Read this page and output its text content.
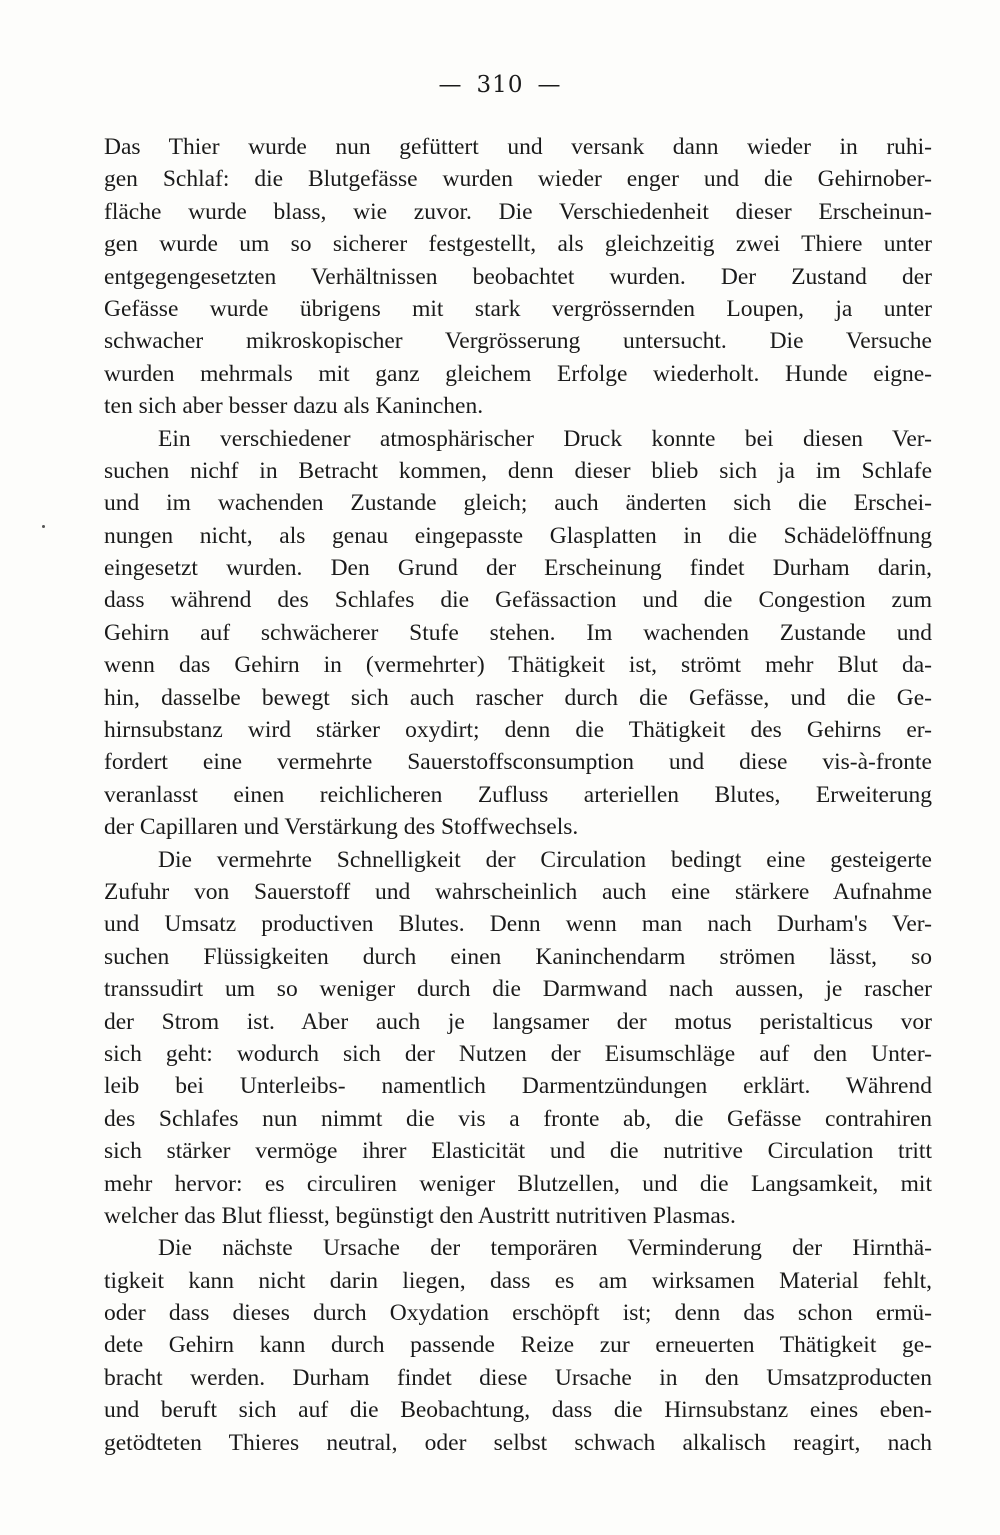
— 310 —
Das Thier wurde nun gefüttert und versank dann wieder in ruhi-
gen Schlaf: die Blutgefässe wurden wieder enger und die Gehirnober-
fläche wurde blass, wie zuvor. Die Verschiedenheit dieser Erscheinun-
gen wurde um so sicherer festgestellt, als gleichzeitig zwei Thiere unter
entgegengesetzten Verhältnissen beobachtet wurden. Der Zustand der
Gefässe wurde übrigens mit stark vergrössernden Loupen, ja unter
schwacher mikroskopischer Vergrösserung untersucht. Die Versuche
wurden mehrmals mit ganz gleichem Erfolge wiederholt. Hunde eigne-
ten sich aber besser dazu als Kaninchen.
Ein verschiedener atmosphärischer Druck konnte bei diesen Ver-
suchen nichf in Betracht kommen, denn dieser blieb sich ja im Schlafe
und im wachenden Zustande gleich; auch änderten sich die Erschei-
nungen nicht, als genau eingepasste Glasplatten in die Schädelöffnung
eingesetzt wurden. Den Grund der Erscheinung findet Durham darin,
dass während des Schlafes die Gefässaction und die Congestion zum
Gehirn auf schwächerer Stufe stehen. Im wachenden Zustande und
wenn das Gehirn in (vermehrter) Thätigkeit ist, strömt mehr Blut da-
hin, dasselbe bewegt sich auch rascher durch die Gefässe, und die Ge-
hirnsubstanz wird stärker oxydirt; denn die Thätigkeit des Gehirns er-
fordert eine vermehrte Sauerstoffsconsumption und diese vis-à-fronte
veranlasst einen reichlicheren Zufluss arteriellen Blutes, Erweiterung
der Capillaren und Verstärkung des Stoffwechsels.
Die vermehrte Schnelligkeit der Circulation bedingt eine gesteigerte
Zufuhr von Sauerstoff und wahrscheinlich auch eine stärkere Aufnahme
und Umsatz productiven Blutes. Denn wenn man nach Durham's Ver-
suchen Flüssigkeiten durch einen Kaninchendarm strömen lässt, so
transsudirt um so weniger durch die Darmwand nach aussen, je rascher
der Strom ist. Aber auch je langsamer der motus peristalticus vor
sich geht: wodurch sich der Nutzen der Eisumschläge auf den Unter-
leib bei Unterleibs- namentlich Darmentzündungen erklärt. Während
des Schlafes nun nimmt die vis a fronte ab, die Gefässe contrahiren
sich stärker vermöge ihrer Elasticität und die nutritive Circulation tritt
mehr hervor: es circuliren weniger Blutzellen, und die Langsamkeit, mit
welcher das Blut fliesst, begünstigt den Austritt nutritiven Plasmas.
Die nächste Ursache der temporären Verminderung der Hirnthä-
tigkeit kann nicht darin liegen, dass es am wirksamen Material fehlt,
oder dass dieses durch Oxydation erschöpft ist; denn das schon ermü-
dete Gehirn kann durch passende Reize zur erneuerten Thätigkeit ge-
bracht werden. Durham findet diese Ursache in den Umsatzproducten
und beruft sich auf die Beobachtung, dass die Hirnsubstanz eines eben-
getödteten Thieres neutral, oder selbst schwach alkalisch reagirt, nach
